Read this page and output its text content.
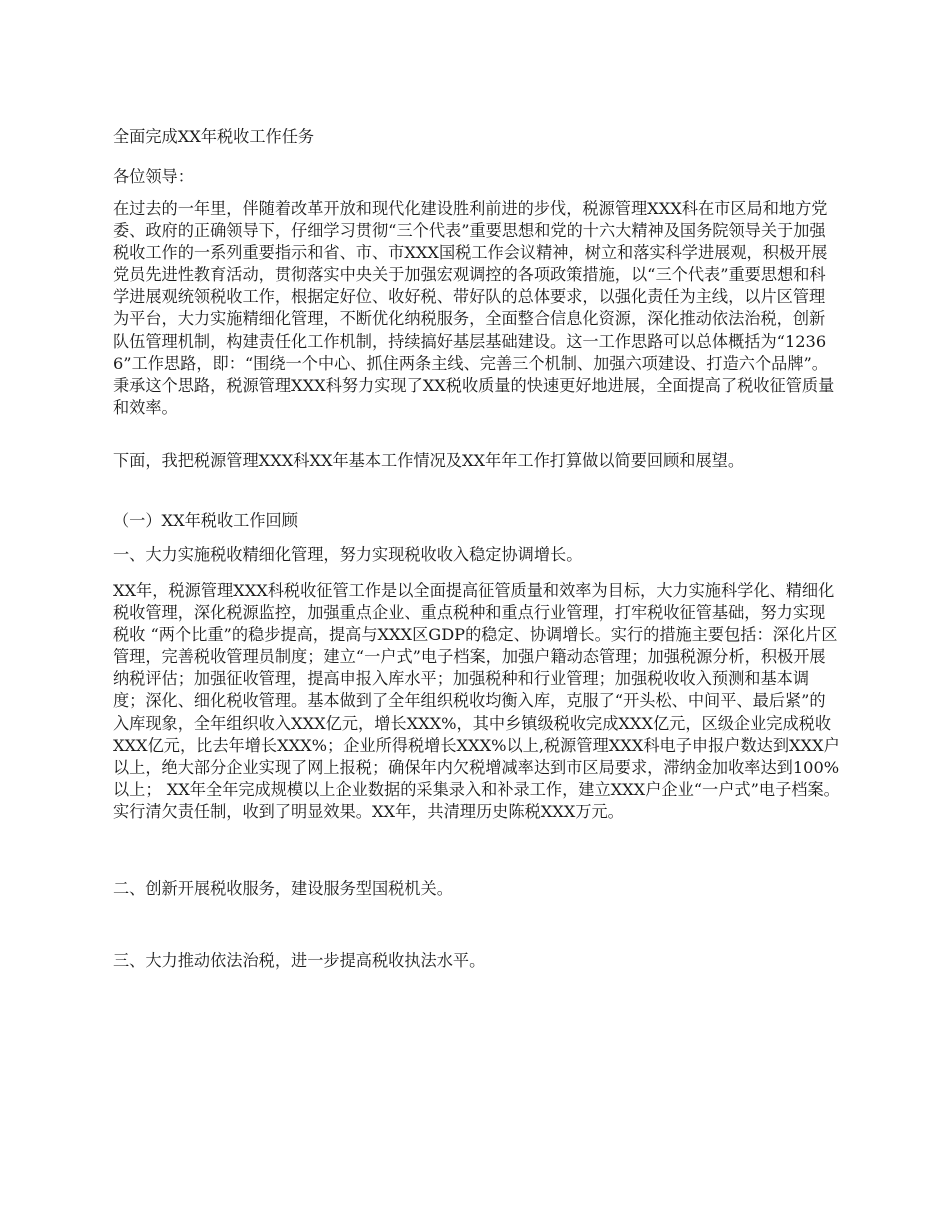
全面完成XX年税收工作任务

各位领导：

在过去的一年里，伴随着改革开放和现代化建设胜利前进的步伐，税源管理XXX科在市区局和地方党委、政府的正确领导下，仔细学习贯彻“三个代表”重要思想和党的十六大精神及国务院领导关于加强税收工作的一系列重要指示和省、市、市XXX国税工作会议精神，树立和落实科学进展观，积极开展党员先进性教育活动，贯彻落实中央关于加强宏观调控的各项政策措施，以“三个代表”重要思想和科学进展观统领税收工作，根据定好位、收好税、带好队的总体要求，以强化责任为主线，以片区管理为平台，大力实施精细化管理，不断优化纳税服务，全面整合信息化资源，深化推动依法治税，创新队伍管理机制，构建责任化工作机制，持续搞好基层基础建设。这一工作思路可以总体概括为“12366”工作思路，即：“围绕一个中心、抓住两条主线、完善三个机制、加强六项建设、打造六个品牌”。秉承这个思路，税源管理XXX科努力实现了XX税收质量的快速更好地进展，全面提高了税收征管质量和效率。

下面，我把税源管理XXX科XX年基本工作情况及XX年年工作打算做以简要回顾和展望。

（一）XX年税收工作回顾

一、大力实施税收精细化管理，努力实现税收收入稳定协调增长。

XX年，税源管理XXX科税收征管工作是以全面提高征管质量和效率为目标，大力实施科学化、精细化税收管理，深化税源监控，加强重点企业、重点税种和重点行业管理，打牢税收征管基础，努力实现税收 “两个比重”的稳步提高，提高与XXX区GDP的稳定、协调增长。实行的措施主要包括：深化片区管理，完善税收管理员制度；建立“一户式”电子档案，加强户籍动态管理；加强税源分析，积极开展纳税评估；加强征收管理，提高申报入库水平；加强税种和行业管理；加强税收收入预测和基本调度；深化、细化税收管理。基本做到了全年组织税收均衡入库，克服了“开头松、中间平、最后紧”的入库现象，全年组织收入XXX亿元，增长XXX%，其中乡镇级税收完成XXX亿元，区级企业完成税收XXX亿元，比去年增长XXX%；企业所得税增长XXX%以上,税源管理XXX科电子申报户数达到XXX户以上，绝大部分企业实现了网上报税；确保年内欠税增减率达到市区局要求，滞纳金加收率达到100%以上； XX年全年完成规模以上企业数据的采集录入和补录工作，建立XXX户企业“一户式”电子档案。实行清欠责任制，收到了明显效果。XX年，共清理历史陈税XXX万元。

二、创新开展税收服务，建设服务型国税机关。

三、大力推动依法治税，进一步提高税收执法水平。
